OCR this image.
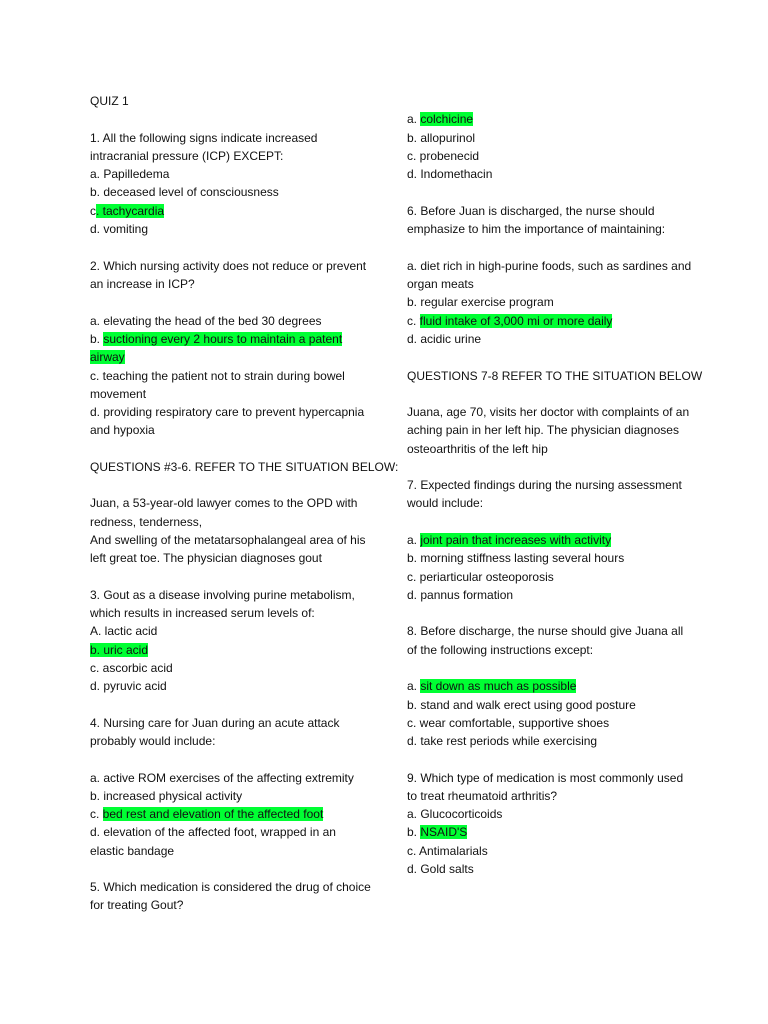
QUIZ 1
1. All the following signs indicate increased
intracranial pressure (ICP) EXCEPT:
a. Papilledema
b. deceased level of consciousness
c. tachycardia
d. vomiting
2. Which nursing activity does not reduce or prevent
an increase in ICP?
a. elevating the head of the bed 30 degrees
b. suctioning every 2 hours to maintain a patent
airway
c. teaching the patient not to strain during bowel
movement
d. providing respiratory care to prevent hypercapnia
and hypoxia
QUESTIONS #3-6. REFER TO THE SITUATION BELOW:
Juan, a 53-year-old lawyer comes to the OPD with
redness, tenderness,
And swelling of the metatarsophalangeal area of his
left great toe. The physician diagnoses gout
3. Gout as a disease involving purine metabolism,
which results in increased serum levels of:
A. lactic acid
b. uric acid
c. ascorbic acid
d. pyruvic acid
4. Nursing care for Juan during an acute attack
probably would include:
a. active ROM exercises of the affecting extremity
b. increased physical activity
c. bed rest and elevation of the affected foot
d. elevation of the affected foot, wrapped in an
elastic bandage
5. Which medication is considered the drug of choice
for treating Gout?
a. colchicine
b. allopurinol
c. probenecid
d. Indomethacin
6. Before Juan is discharged, the nurse should
emphasize to him the importance of maintaining:
a. diet rich in high-purine foods, such as sardines and
organ meats
b. regular exercise program
c. fluid intake of 3,000 mi or more daily
d. acidic urine
QUESTIONS 7-8 REFER TO THE SITUATION BELOW
Juana, age 70, visits her doctor with complaints of an
aching pain in her left hip. The physician diagnoses
osteoarthritis of the left hip
7. Expected findings during the nursing assessment
would include:
a. joint pain that increases with activity
b. morning stiffness lasting several hours
c. periarticular osteoporosis
d. pannus formation
8. Before discharge, the nurse should give Juana all
of the following instructions except:
a. sit down as much as possible
b. stand and walk erect using good posture
c. wear comfortable, supportive shoes
d. take rest periods while exercising
9. Which type of medication is most commonly used
to treat rheumatoid arthritis?
a. Glucocorticoids
b. NSAID'S
c. Antimalarials
d. Gold salts
